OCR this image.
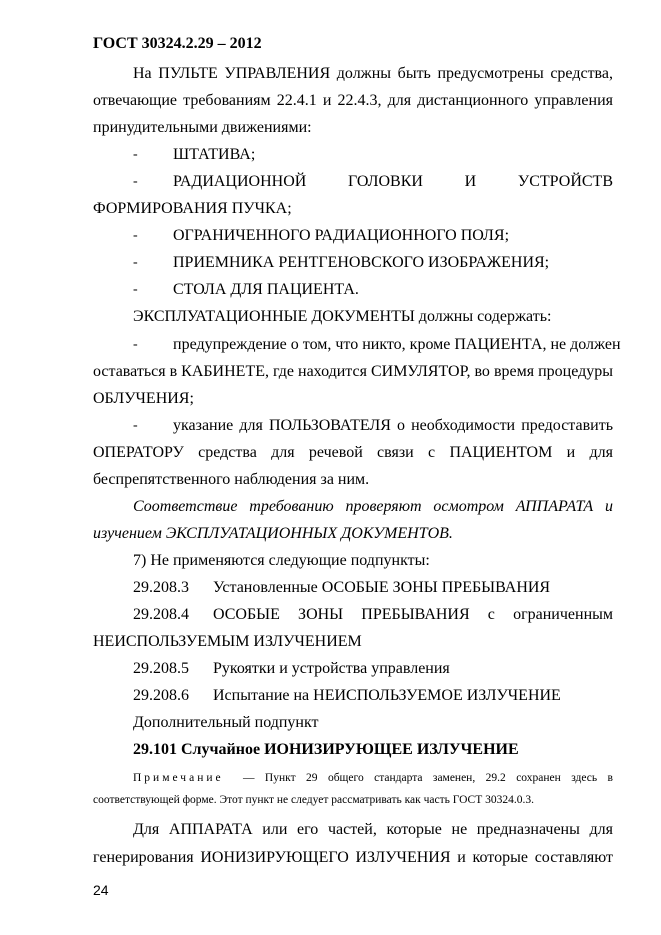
ГОСТ 30324.2.29 – 2012
На ПУЛЬТЕ УПРАВЛЕНИЯ должны быть предусмотрены средства,
отвечающие требованиям 22.4.1 и 22.4.3, для дистанционного управления
принудительными движениями:
- ШТАТИВА;
- РАДИАЦИОННОЙ ГОЛОВКИ И УСТРОЙСТВ
ФОРМИРОВАНИЯ ПУЧКА;
- ОГРАНИЧЕННОГО РАДИАЦИОННОГО ПОЛЯ;
- ПРИЕМНИКА РЕНТГЕНОВСКОГО ИЗОБРАЖЕНИЯ;
- СТОЛА ДЛЯ ПАЦИЕНТА.
ЭКСПЛУАТАЦИОННЫЕ ДОКУМЕНТЫ должны содержать:
- предупреждение о том, что никто, кроме ПАЦИЕНТА, не должен
оставаться в КАБИНЕТЕ, где находится СИМУЛЯТОР, во время процедуры
ОБЛУЧЕНИЯ;
- указание для ПОЛЬЗОВАТЕЛЯ о необходимости предоставить
ОПЕРАТОРУ средства для речевой связи с ПАЦИЕНТОМ и для
беспрепятственного наблюдения за ним.
Соответствие требованию проверяют осмотром АППАРАТА и
изучением ЭКСПЛУАТАЦИОННЫХ ДОКУМЕНТОВ.
7) Не применяются следующие подпункты:
29.208.3 Установленные ОСОБЫЕ ЗОНЫ ПРЕБЫВАНИЯ
29.208.4 ОСОБЫЕ ЗОНЫ ПРЕБЫВАНИЯ с ограниченным
НЕИСПОЛЬЗУЕМЫМ ИЗЛУЧЕНИЕМ
29.208.5 Рукоятки и устройства управления
29.208.6 Испытание на НЕИСПОЛЬЗУЕМОЕ ИЗЛУЧЕНИЕ
Дополнительный подпункт
29.101 Случайное ИОНИЗИРУЮЩЕЕ ИЗЛУЧЕНИЕ
Примечание — Пункт 29 общего стандарта заменен, 29.2 сохранен здесь в
соответствующей форме. Этот пункт не следует рассматривать как часть ГОСТ 30324.0.3.
Для АППАРАТА или его частей, которые не предназначены для
генерирования ИОНИЗИРУЮЩЕГО ИЗЛУЧЕНИЯ и которые составляют
24
